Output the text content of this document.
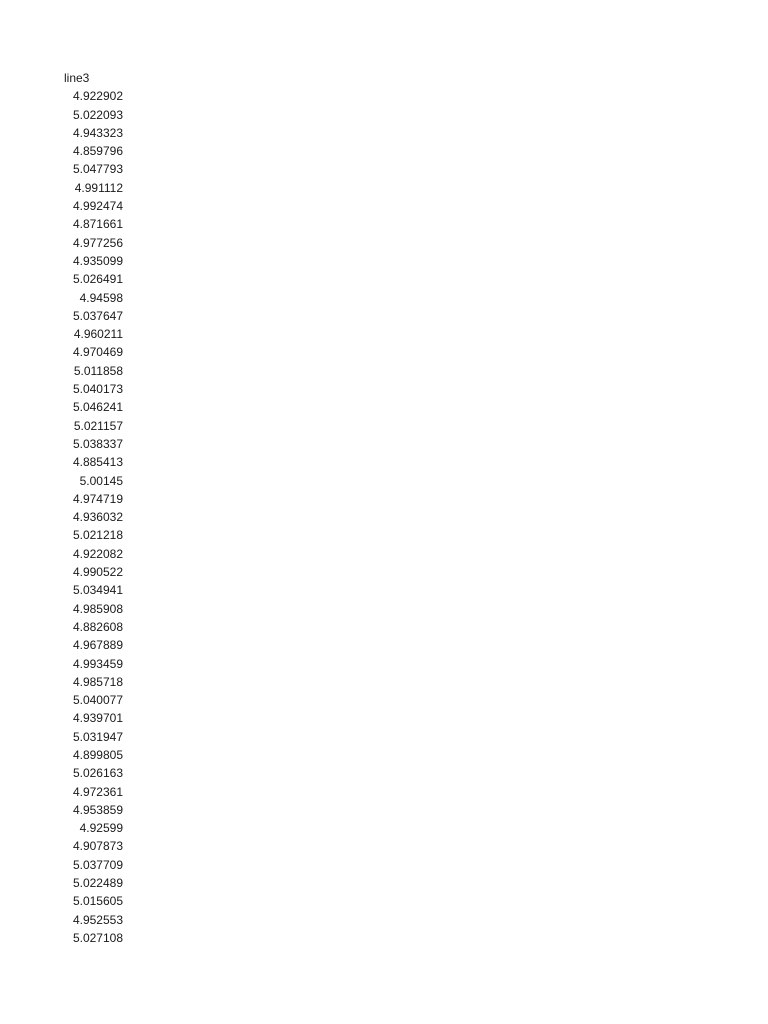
line3
4.922902
5.022093
4.943323
4.859796
5.047793
4.991112
4.992474
4.871661
4.977256
4.935099
5.026491
4.94598
5.037647
4.960211
4.970469
5.011858
5.040173
5.046241
5.021157
5.038337
4.885413
5.00145
4.974719
4.936032
5.021218
4.922082
4.990522
5.034941
4.985908
4.882608
4.967889
4.993459
4.985718
5.040077
4.939701
5.031947
4.899805
5.026163
4.972361
4.953859
4.92599
4.907873
5.037709
5.022489
5.015605
4.952553
5.027108
